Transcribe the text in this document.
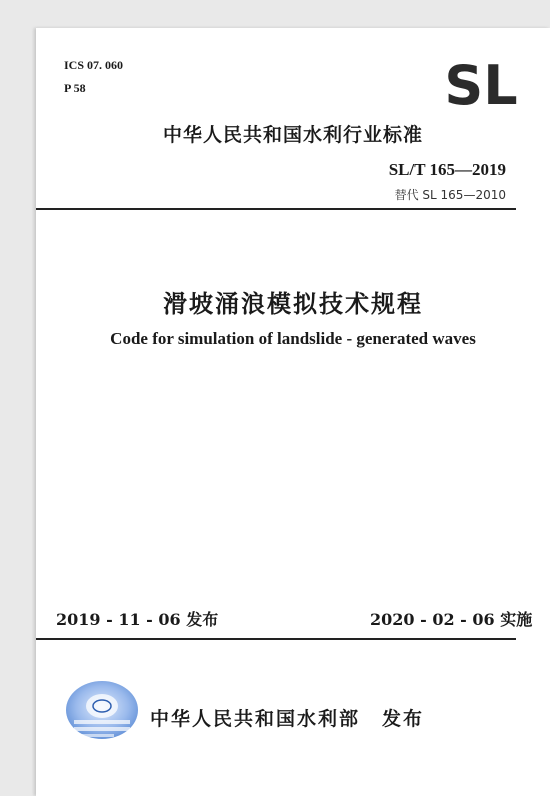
ICS 07. 060
P 58	SL
中华人民共和国水利行业标准
SL/T 165—2019
替代 SL 165—2010
滑坡涌浪模拟技术规程
Code for simulation of landslide - generated waves
2019 - 11 - 06 发布	2020 - 02 - 06 实施
中华人民共和国水利部 发布
